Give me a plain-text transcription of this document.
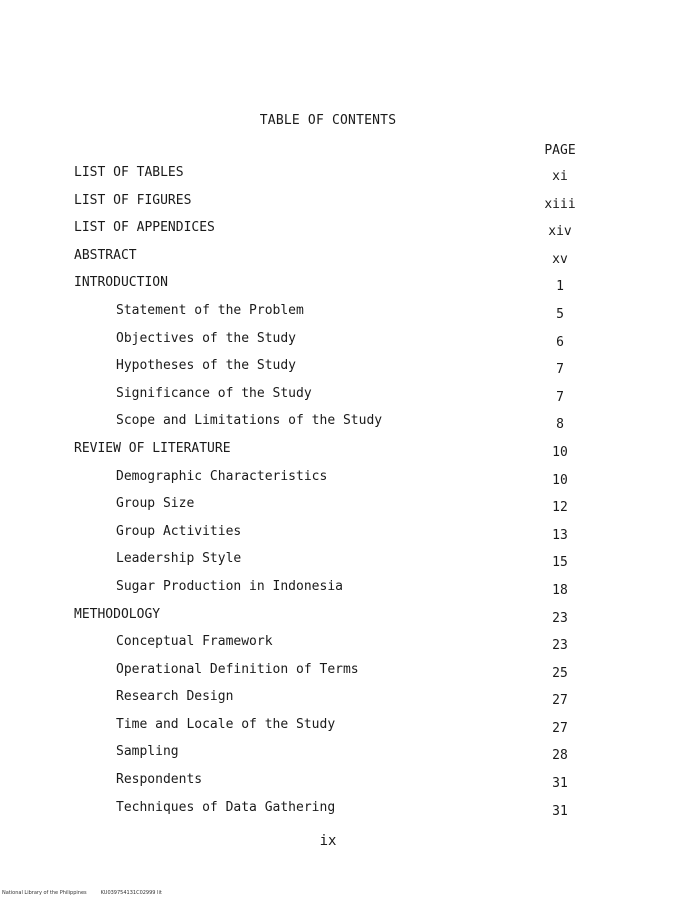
TABLE OF CONTENTS
PAGE
LIST OF TABLES	xi
LIST OF FIGURES	xiii
LIST OF APPENDICES	xiv
ABSTRACT	xv
INTRODUCTION	1
Statement of the Problem	5
Objectives of the Study	6
Hypotheses of the Study	7
Significance of the Study	7
Scope and Limitations of the Study	8
REVIEW OF LITERATURE	10
Demographic Characteristics	10
Group Size	12
Group Activities	13
Leadership Style	15
Sugar Production in Indonesia	18
METHODOLOGY	23
Conceptual Framework	23
Operational Definition of Terms	25
Research Design	27
Time and Locale of the Study	27
Sampling	28
Respondents	31
Techniques of Data Gathering	31
ix
National Library of the Philippines	KU039754131C02999 lit
